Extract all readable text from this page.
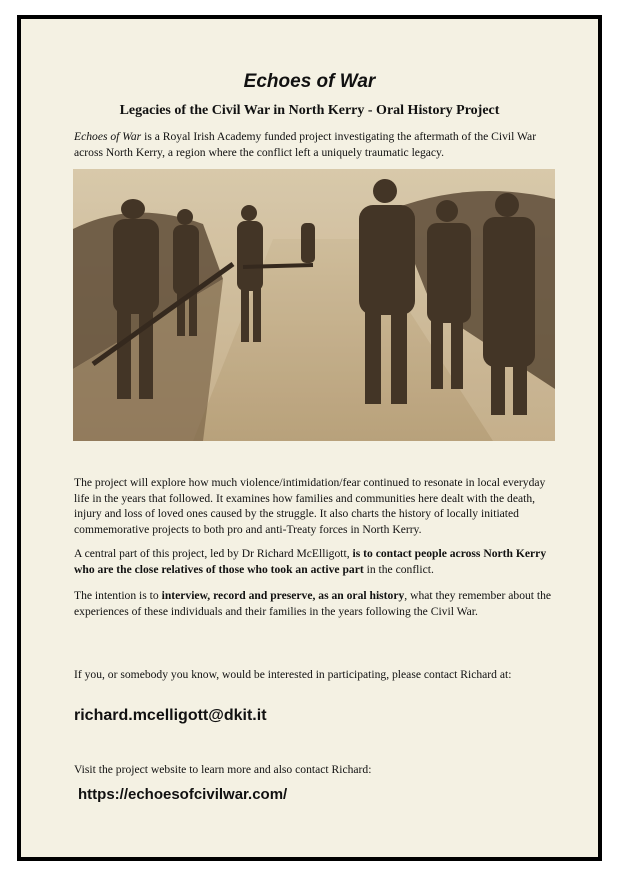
Echoes of War
Legacies of the Civil War in North Kerry - Oral History Project

Echoes of War is a Royal Irish Academy funded project investigating the aftermath of the Civil War across North Kerry, a region where the conflict left a uniquely traumatic legacy.

The project will explore how much violence/intimidation/fear continued to resonate in local everyday life in the years that followed. It examines how families and communities here dealt with the death, injury and loss of loved ones caused by the struggle. It also charts the history of locally initiated commemorative projects to both pro and anti-Treaty forces in North Kerry.

A central part of this project, led by Dr Richard McElligott, is to contact people across North Kerry who are the close relatives of those who took an active part in the conflict.

The intention is to interview, record and preserve, as an oral history, what they remember about the experiences of these individuals and their families in the years following the Civil War.

If you, or somebody you know, would be interested in participating, please contact Richard at:

richard.mcelligott@dkit.it

Visit the project website to learn more and also contact Richard:

https://echoesofcivilwar.com/
